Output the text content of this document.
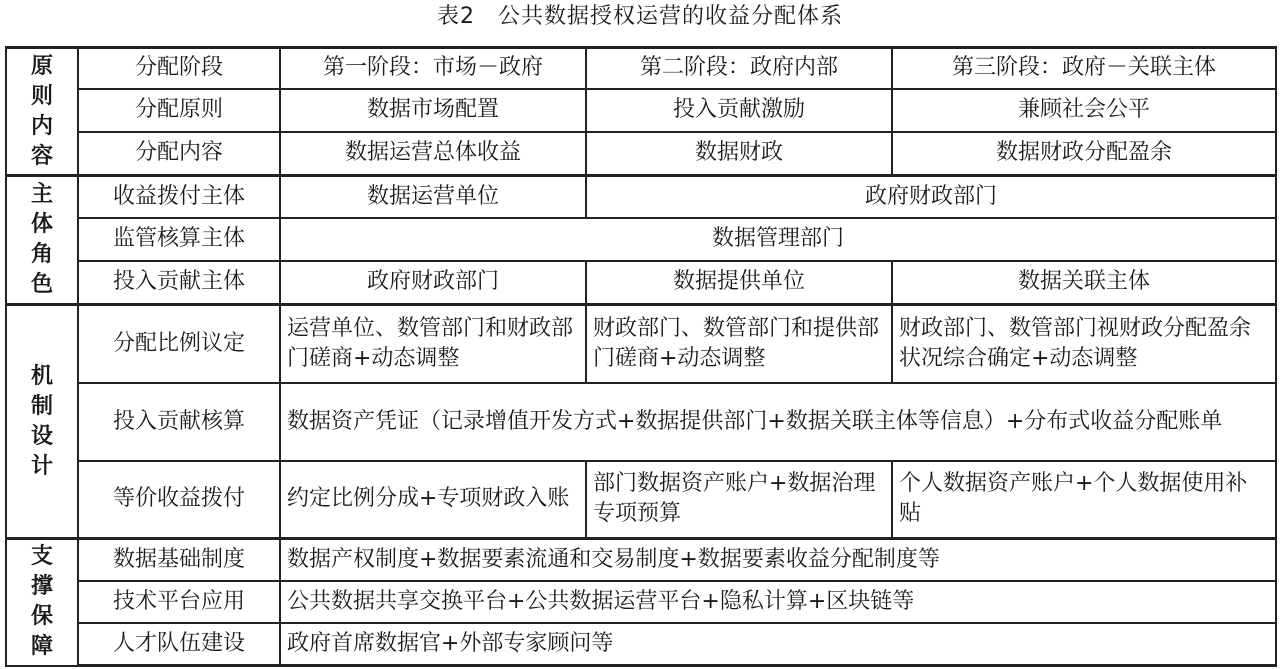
表2　公共数据授权运营的收益分配体系
原则内容	分配阶段	第一阶段：市场－政府	第二阶段：政府内部	第三阶段：政府－关联主体
	分配原则	数据市场配置	投入贡献激励	兼顾社会公平
	分配内容	数据运营总体收益	数据财政	数据财政分配盈余
主体角色	收益拨付主体	数据运营单位	政府财政部门	
	监管核算主体	数据管理部门		
	投入贡献主体	政府财政部门	数据提供单位	数据关联主体
机制设计	分配比例议定	运营单位、数管部门和财政部门磋商+动态调整	财政部门、数管部门和提供部门磋商+动态调整	财政部门、数管部门视财政分配盈余状况综合确定+动态调整
	投入贡献核算	数据资产凭证（记录增值开发方式+数据提供部门+数据关联主体等信息）+分布式收益分配账单		
	等价收益拨付	约定比例分成+专项财政入账	部门数据资产账户+数据治理专项预算	个人数据资产账户+个人数据使用补贴
支撑保障	数据基础制度	数据产权制度+数据要素流通和交易制度+数据要素收益分配制度等		
	技术平台应用	公共数据共享交换平台+公共数据运营平台+隐私计算+区块链等		
	人才队伍建设	政府首席数据官+外部专家顾问等		
